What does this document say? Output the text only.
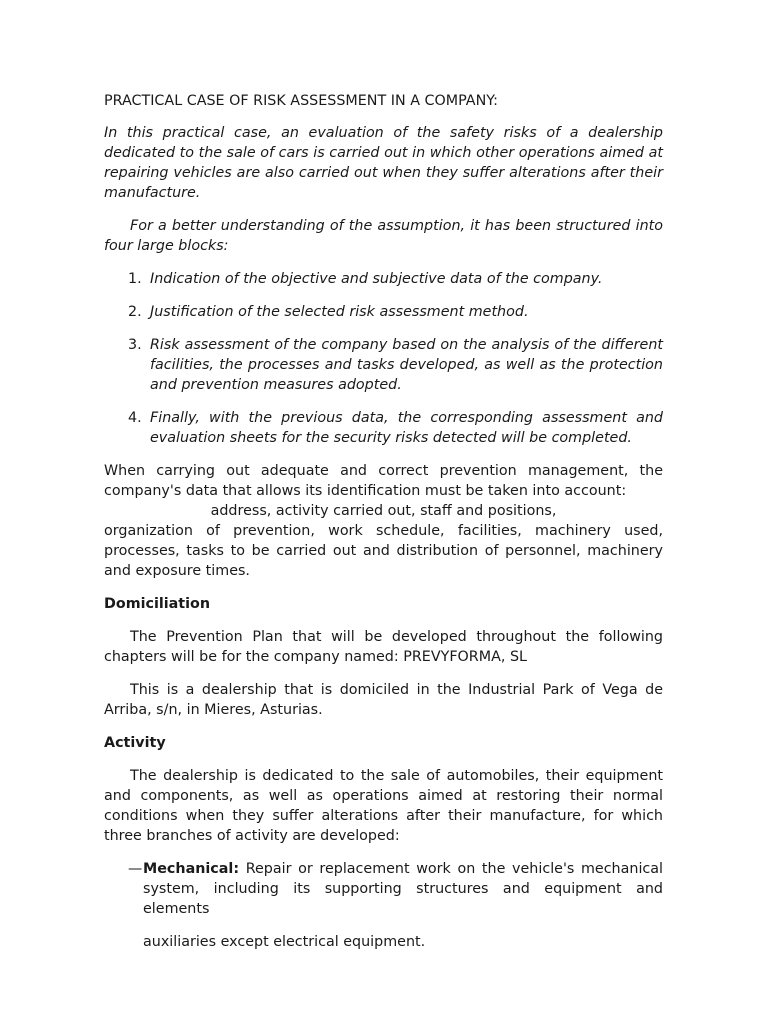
PRACTICAL CASE OF RISK ASSESSMENT IN A COMPANY:

In this practical case, an evaluation of the safety risks of a dealership dedicated to the sale of cars is carried out in which other operations aimed at repairing vehicles are also carried out when they suffer alterations after their manufacture.

For a better understanding of the assumption, it has been structured into four large blocks:

1. Indication of the objective and subjective data of the company.
2. Justification of the selected risk assessment method.
3. Risk assessment of the company based on the analysis of the different facilities, the processes and tasks developed, as well as the protection and prevention measures adopted.
4. Finally, with the previous data, the corresponding assessment and evaluation sheets for the security risks detected will be completed.

When carrying out adequate and correct prevention management, the company's data that allows its identification must be taken into account:
address, activity carried out, staff and positions,
organization of prevention, work schedule, facilities, machinery used, processes, tasks to be carried out and distribution of personnel, machinery and exposure times.

Domiciliation

The Prevention Plan that will be developed throughout the following chapters will be for the company named: PREVYFORMA, SL

This is a dealership that is domiciled in the Industrial Park of Vega de Arriba, s/n, in Mieres, Asturias.

Activity

The dealership is dedicated to the sale of automobiles, their equipment and components, as well as operations aimed at restoring their normal conditions when they suffer alterations after their manufacture, for which three branches of activity are developed:

— Mechanical: Repair or replacement work on the vehicle's mechanical system, including its supporting structures and equipment and elements

auxiliaries except electrical equipment.
